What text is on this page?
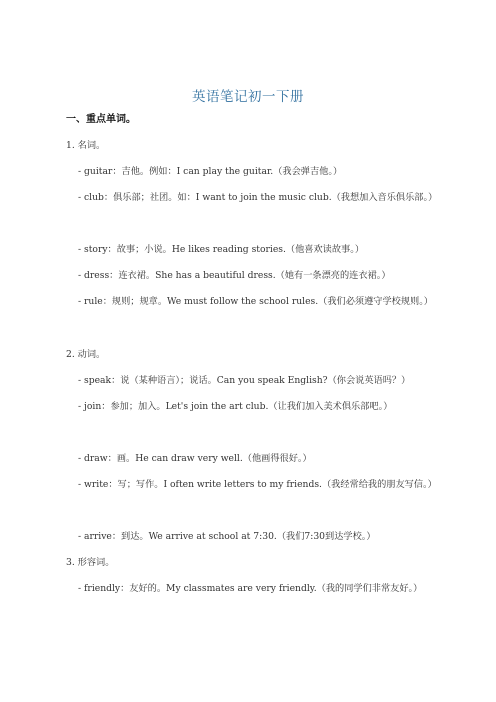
英语笔记初一下册
一、重点单词。

1. 名词。

- guitar：吉他。例如：I can play the guitar.（我会弹吉他。）

- club：俱乐部；社团。如：I want to join the music club.（我想加入音乐俱乐部。）

- story：故事；小说。He likes reading stories.（他喜欢读故事。）

- dress：连衣裙。She has a beautiful dress.（她有一条漂亮的连衣裙。）

- rule：规则；规章。We must follow the school rules.（我们必须遵守学校规则。）

2. 动词。

- speak：说（某种语言）；说话。Can you speak English?（你会说英语吗？）

- join：参加；加入。Let's join the art club.（让我们加入美术俱乐部吧。）

- draw：画。He can draw very well.（他画得很好。）

- write：写；写作。I often write letters to my friends.（我经常给我的朋友写信。）

- arrive：到达。We arrive at school at 7:30.（我们7:30到达学校。）

3. 形容词。

- friendly：友好的。My classmates are very friendly.（我的同学们非常友好。）
